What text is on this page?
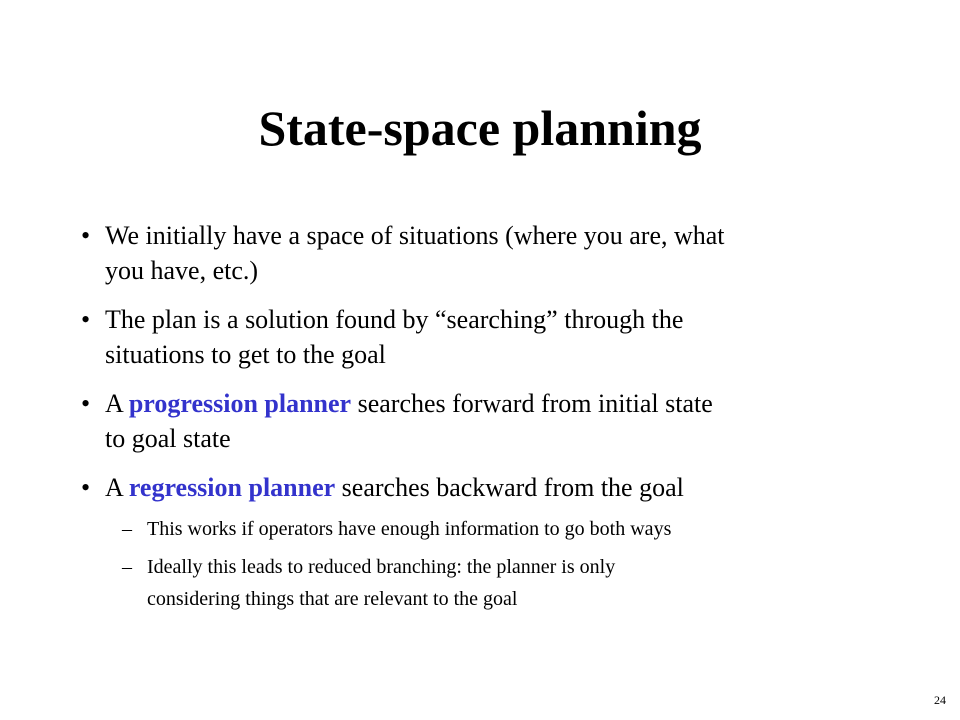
State-space planning
• We initially have a space of situations (where you are, what
you have, etc.)
• The plan is a solution found by “searching” through the
situations to get to the goal
• A progression planner searches forward from initial state
to goal state
• A regression planner searches backward from the goal
– This works if operators have enough information to go both ways
– Ideally this leads to reduced branching: the planner is only
considering things that are relevant to the goal
24
